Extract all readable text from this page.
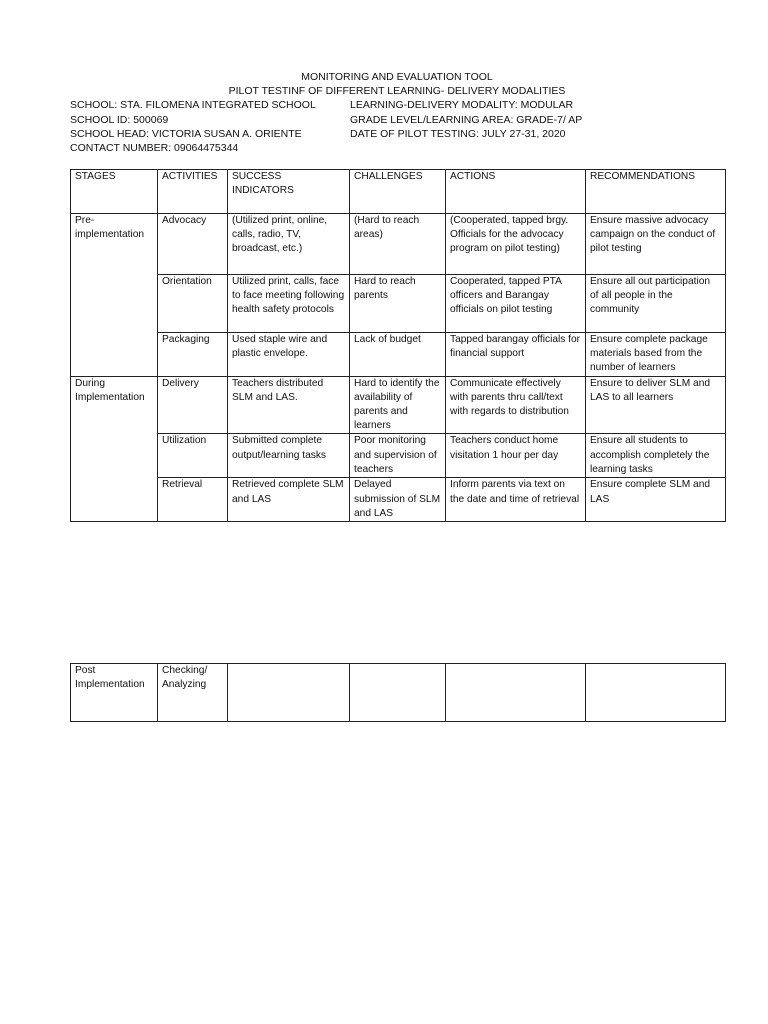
MONITORING AND EVALUATION TOOL
PILOT TESTINF OF DIFFERENT LEARNING- DELIVERY MODALITIES
SCHOOL: STA. FILOMENA INTEGRATED SCHOOL	LEARNING-DELIVERY MODALITY: MODULAR
SCHOOL ID: 500069	GRADE LEVEL/LEARNING AREA: GRADE-7/ AP
SCHOOL HEAD: VICTORIA SUSAN A. ORIENTE	DATE OF PILOT TESTING: JULY 27-31, 2020
CONTACT NUMBER: 09064475344
STAGES	ACTIVITIES	SUCCESS INDICATORS	CHALLENGES	ACTIONS	RECOMMENDATIONS
Pre-implementation	Advocacy	(Utilized print, online, calls, radio, TV, broadcast, etc.)	(Hard to reach areas)	(Cooperated, tapped brgy. Officials for the advocacy program on pilot testing)	Ensure massive advocacy campaign on the conduct of pilot testing
	Orientation	Utilized print, calls, face to face meeting following health safety protocols	Hard to reach parents	Cooperated, tapped PTA officers and Barangay officials on pilot testing	Ensure all out participation of all people in the community
	Packaging	Used staple wire and plastic envelope.	Lack of budget	Tapped barangay officials for financial support	Ensure complete package materials based from the number of learners
During Implementation	Delivery	Teachers distributed SLM and LAS.	Hard to identify the availability of parents and learners	Communicate effectively with parents thru call/text with regards to distribution	Ensure to deliver SLM and LAS to all learners
	Utilization	Submitted complete output/learning tasks	Poor monitoring and supervision of teachers	Teachers conduct home visitation 1 hour per day	Ensure all students to accomplish completely the learning tasks
	Retrieval	Retrieved complete SLM and LAS	Delayed submission of SLM and LAS	Inform parents via text on the date and time of retrieval	Ensure complete SLM and LAS
Post Implementation	Checking/ Analyzing				
